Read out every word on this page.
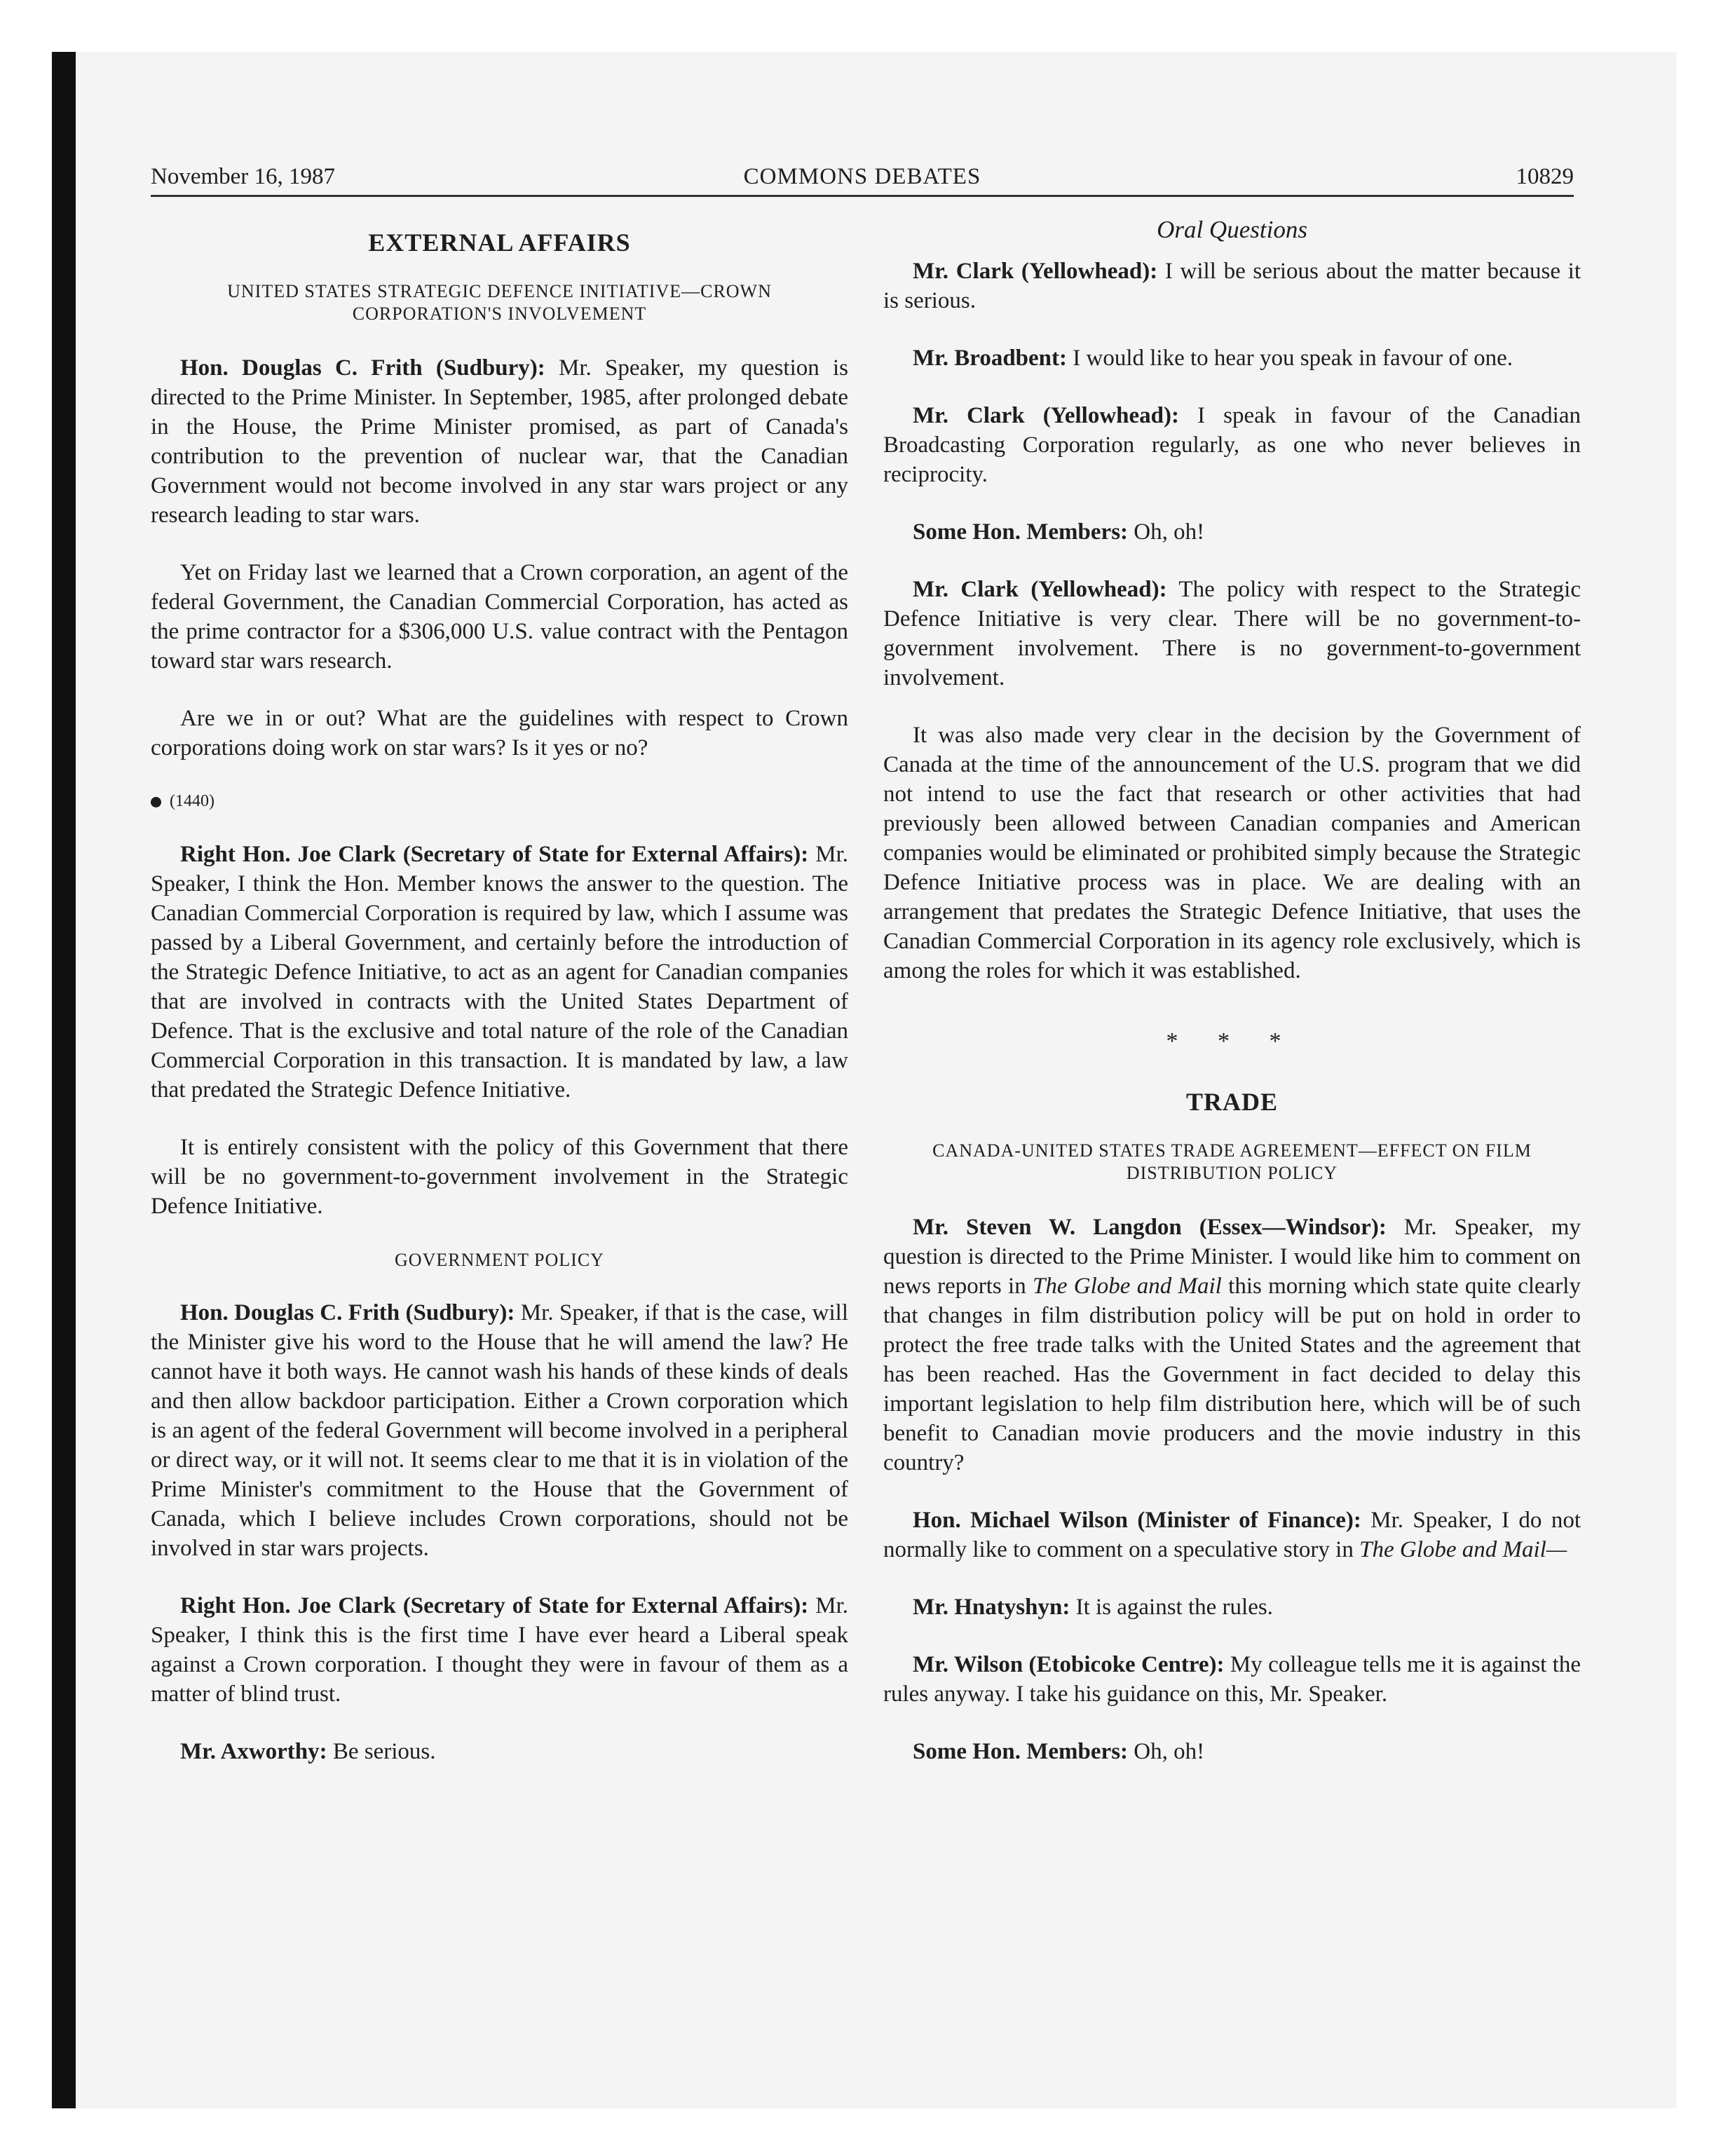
November 16, 1987	COMMONS DEBATES	10829
EXTERNAL AFFAIRS
UNITED STATES STRATEGIC DEFENCE INITIATIVE—CROWN CORPORATION'S INVOLVEMENT

Hon. Douglas C. Frith (Sudbury): Mr. Speaker, my question is directed to the Prime Minister. In September, 1985, after prolonged debate in the House, the Prime Minister promised, as part of Canada's contribution to the prevention of nuclear war, that the Canadian Government would not become involved in any star wars project or any research leading to star wars.

Yet on Friday last we learned that a Crown corporation, an agent of the federal Government, the Canadian Commercial Corporation, has acted as the prime contractor for a $306,000 U.S. value contract with the Pentagon toward star wars research.

Are we in or out? What are the guidelines with respect to Crown corporations doing work on star wars? Is it yes or no?

(1440)

Right Hon. Joe Clark (Secretary of State for External Affairs): Mr. Speaker, I think the Hon. Member knows the answer to the question. The Canadian Commercial Corporation is required by law, which I assume was passed by a Liberal Government, and certainly before the introduction of the Strategic Defence Initiative, to act as an agent for Canadian companies that are involved in contracts with the United States Department of Defence. That is the exclusive and total nature of the role of the Canadian Commercial Corporation in this transaction. It is mandated by law, a law that predated the Strategic Defence Initiative.

It is entirely consistent with the policy of this Government that there will be no government-to-government involvement in the Strategic Defence Initiative.

GOVERNMENT POLICY

Hon. Douglas C. Frith (Sudbury): Mr. Speaker, if that is the case, will the Minister give his word to the House that he will amend the law? He cannot have it both ways. He cannot wash his hands of these kinds of deals and then allow backdoor participation. Either a Crown corporation which is an agent of the federal Government will become involved in a peripheral or direct way, or it will not. It seems clear to me that it is in violation of the Prime Minister's commitment to the House that the Government of Canada, which I believe includes Crown corporations, should not be involved in star wars projects.

Right Hon. Joe Clark (Secretary of State for External Affairs): Mr. Speaker, I think this is the first time I have ever heard a Liberal speak against a Crown corporation. I thought they were in favour of them as a matter of blind trust.

Mr. Axworthy: Be serious.

Oral Questions

Mr. Clark (Yellowhead): I will be serious about the matter because it is serious.

Mr. Broadbent: I would like to hear you speak in favour of one.

Mr. Clark (Yellowhead): I speak in favour of the Canadian Broadcasting Corporation regularly, as one who never believes in reciprocity.

Some Hon. Members: Oh, oh!

Mr. Clark (Yellowhead): The policy with respect to the Strategic Defence Initiative is very clear. There will be no government-to-government involvement. There is no government-to-government involvement.

It was also made very clear in the decision by the Government of Canada at the time of the announcement of the U.S. program that we did not intend to use the fact that research or other activities that had previously been allowed between Canadian companies and American companies would be eliminated or prohibited simply because the Strategic Defence Initiative process was in place. We are dealing with an arrangement that predates the Strategic Defence Initiative, that uses the Canadian Commercial Corporation in its agency role exclusively, which is among the roles for which it was established.

* * *
TRADE
CANADA-UNITED STATES TRADE AGREEMENT—EFFECT ON FILM DISTRIBUTION POLICY

Mr. Steven W. Langdon (Essex—Windsor): Mr. Speaker, my question is directed to the Prime Minister. I would like him to comment on news reports in The Globe and Mail this morning which state quite clearly that changes in film distribution policy will be put on hold in order to protect the free trade talks with the United States and the agreement that has been reached. Has the Government in fact decided to delay this important legislation to help film distribution here, which will be of such benefit to Canadian movie producers and the movie industry in this country?

Hon. Michael Wilson (Minister of Finance): Mr. Speaker, I do not normally like to comment on a speculative story in The Globe and Mail—

Mr. Hnatyshyn: It is against the rules.

Mr. Wilson (Etobicoke Centre): My colleague tells me it is against the rules anyway. I take his guidance on this, Mr. Speaker.

Some Hon. Members: Oh, oh!
